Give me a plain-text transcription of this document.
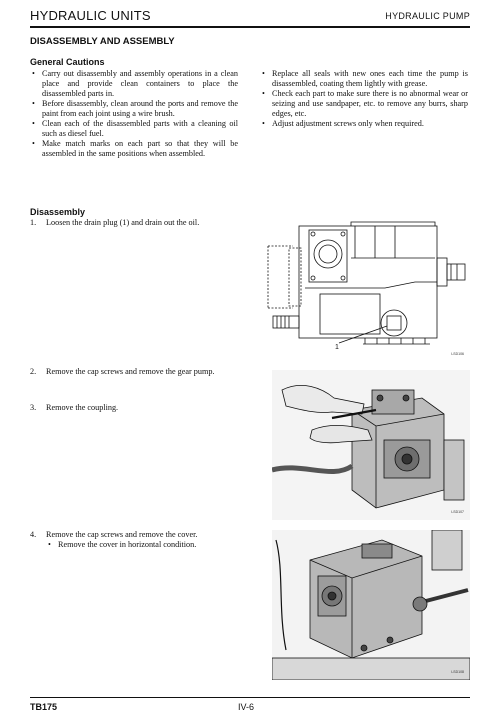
HYDRAULIC UNITS	HYDRAULIC PUMP
DISASSEMBLY AND ASSEMBLY
General Cautions
• Carry out disassembly and assembly operations in a clean place and provide clean containers to place the disassembled parts in.
• Before disassembly, clean around the ports and remove the paint from each joint using a wire brush.
• Clean each of the disassembled parts with a cleaning oil such as diesel fuel.
• Make match marks on each part so that they will be assembled in the same positions when assembled.
• Replace all seals with new ones each time the pump is disassembled, coating them lightly with grease.
• Check each part to make sure there is no abnormal wear or seizing and use sandpaper, etc. to remove any burrs, sharp edges, etc.
• Adjust adjustment screws only when required.
Disassembly
1. Loosen the drain plug (1) and drain out the oil.
2.	Remove the cap screws and remove the gear pump.
3. Remove the coupling.
4. Remove the cap screws and remove the cover.
• Remove the cover in horizontal condition.
1
LSD106
LSD107
LSD108
TB175	IV-6
